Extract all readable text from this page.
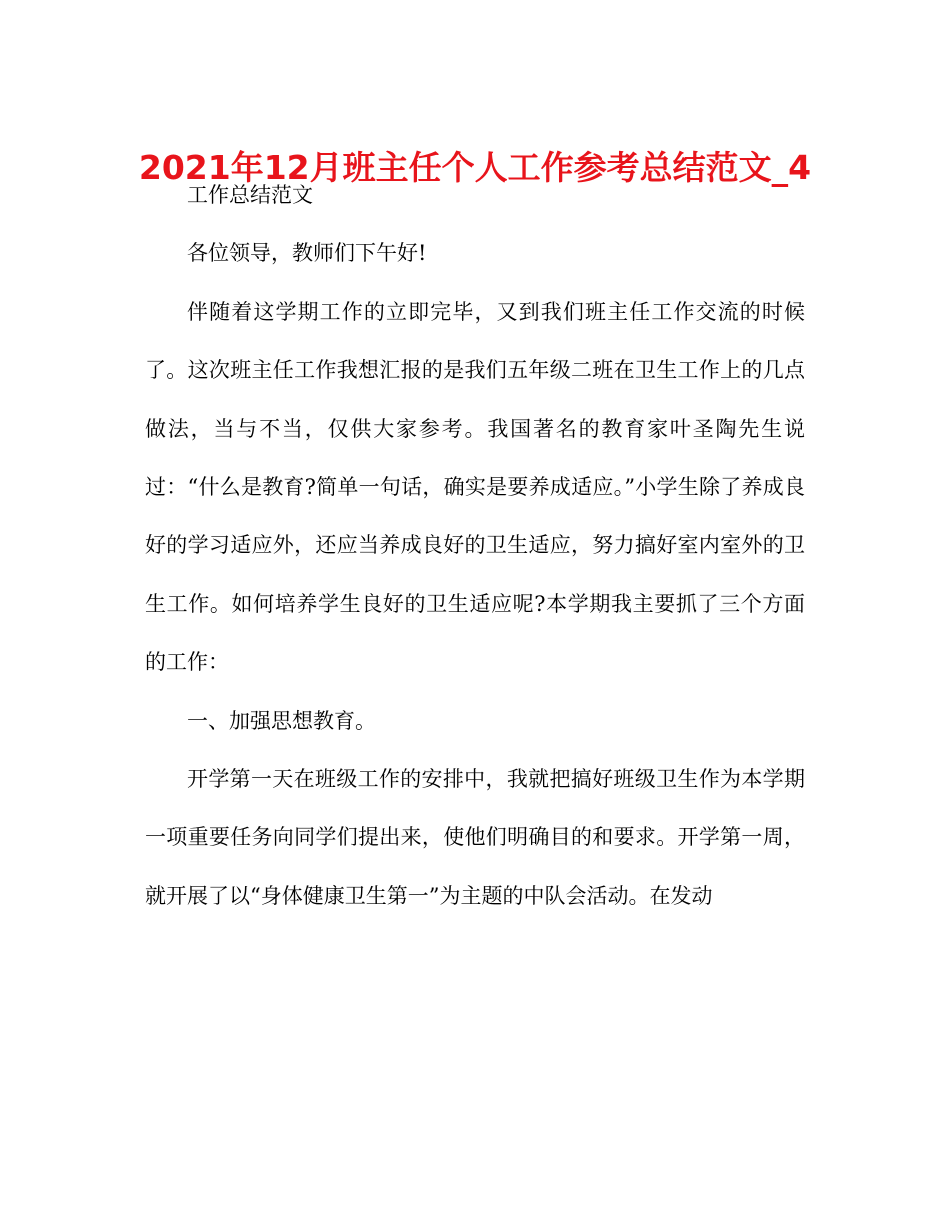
2021年12月班主任个人工作参考总结范文_4

工作总结范文

各位领导，教师们下午好!

伴随着这学期工作的立即完毕，又到我们班主任工作交流的时候了。这次班主任工作我想汇报的是我们五年级二班在卫生工作上的几点做法，当与不当，仅供大家参考。我国著名的教育家叶圣陶先生说过：“什么是教育?简单一句话，确实是要养成适应。”小学生除了养成良好的学习适应外，还应当养成良好的卫生适应，努力搞好室内室外的卫生工作。如何培养学生良好的卫生适应呢?本学期我主要抓了三个方面的工作：

一、加强思想教育。

开学第一天在班级工作的安排中，我就把搞好班级卫生作为本学期一项重要任务向同学们提出来，使他们明确目的和要求。开学第一周，就开展了以“身体健康卫生第一”为主题的中队会活动。在发动
